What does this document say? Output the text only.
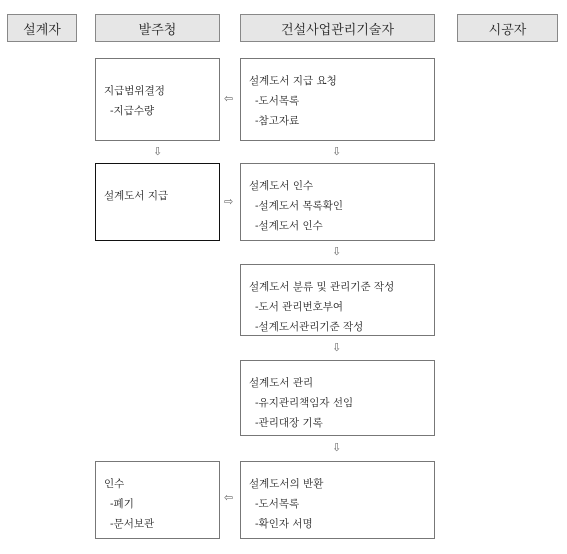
설계자	발주청	건설사업관리기술자	시공자
지급범위결정
-지급수량
⇦
설계도서 지급 요청
-도서목록
-참고자료
⇩	⇩
설계도서 지급	⇨
설계도서 인수
-설계도서 목록확인
-설계도서 인수
⇩
설계도서 분류 및 관리기준 작성
-도서 관리번호부여
-설계도서관리기준 작성
⇩
설계도서 관리
-유지관리책임자 선임
-관리대장 기록
⇩
인수
-폐기
-문서보관
⇦
설계도서의 반환
-도서목록
-확인자 서명
